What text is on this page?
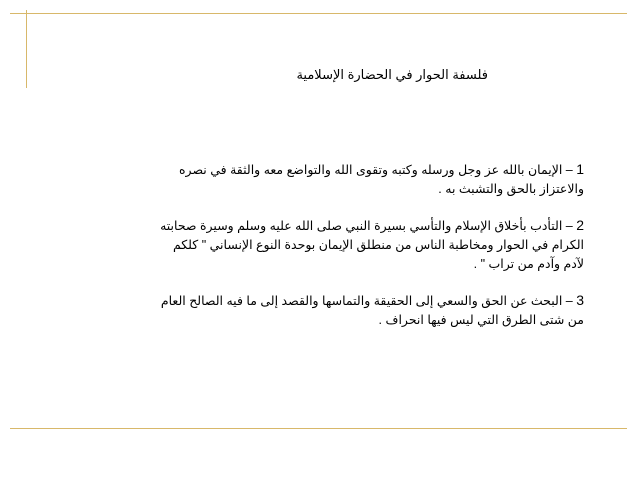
فلسفة الحوار في الحضارة الإسلامية
1 – الإيمان بالله عز وجل ورسله وكتبه وتقوى الله والتواضع معه والثقة في نصره
والاعتزاز بالحق والتشبث به .
2 – التأدب بأخلاق الإسلام والتأسي بسيرة النبي صلى الله عليه وسلم وسيرة صحابته
الكرام في الحوار ومخاطبة الناس من منطلق الإيمان بوحدة النوع الإنساني " كلكم
لآدم وآدم من تراب " .
3 – البحث عن الحق والسعي إلى الحقيقة والتماسها والقصد إلى ما فيه الصالح العام
من شتى الطرق التي ليس فيها انحراف .
